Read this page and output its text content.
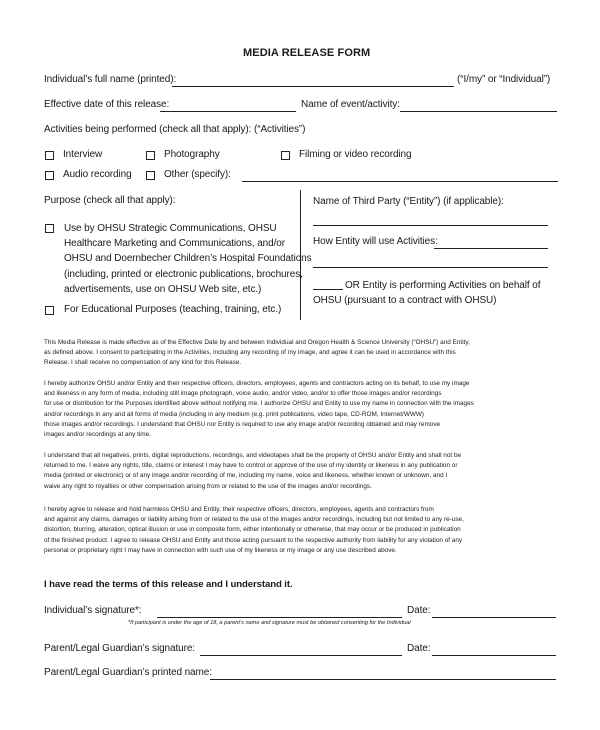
MEDIA RELEASE FORM
Individual’s full name (printed):	(“I/my” or “Individual”)
Effective date of this release:	Name of event/activity:
Activities being performed (check all that apply): (“Activities”)
Interview	Photography	Filming or video recording
Audio recording	Other (specify):
Purpose (check all that apply):
Use by OHSU Strategic Communications, OHSU
Healthcare Marketing and Communications, and/or
OHSU and Doernbecher Children’s Hospital Foundations
(including, printed or electronic publications, brochures,
advertisements, use on OHSU Web site, etc.)
For Educational Purposes (teaching, training, etc.)
Name of Third Party (“Entity”) (if applicable):
How Entity will use Activities:
OR Entity is performing Activities on behalf of
OHSU (pursuant to a contract with OHSU)
This Media Release is made effective as of the Effective Date by and between Individual and Oregon Health & Science University (“OHSU”) and Entity,
as defined above. I consent to participating in the Activities, including any recording of my image, and agree it can be used in accordance with this
Release. I shall receive no compensation of any kind for this Release.
I hereby authorize OHSU and/or Entity and their respective officers, directors, employees, agents and contractors acting on its behalf, to use my image
and likeness in any form of media, including still image photograph, voice audio, and/or video, and/or to offer those images and/or recordings
for use or distribution for the Purposes identified above without notifying me. I authorize OHSU and Entity to use my name in connection with the images
and/or recordings in any and all forms of media (including in any medium (e.g. print publications, video tape, CD-ROM, Internet/WWW)
those images and/or recordings. I understand that OHSU nor Entity is required to use any image and/or recording obtained and may remove
images and/or recordings at any time.
I understand that all negatives, prints, digital reproductions, recordings, and videotapes shall be the property of OHSU and/or Entity and shall not be
returned to me. I waive any rights, title, claims or interest I may have to control or approve of the use of my identity or likeness in any publication or
media (printed or electronic) or of any image and/or recording of me, including my name, voice and likeness, whether known or unknown, and I
waive any right to royalties or other compensation arising from or related to the use of the images and/or recordings.
I hereby agree to release and hold harmless OHSU and Entity, their respective officers, directors, employees, agents and contractors from
and against any claims, damages or liability arising from or related to the use of the images and/or recordings, including but not limited to any re-use,
distortion, blurring, alteration, optical illusion or use in composite form, either intentionally or otherwise, that may occur or be produced in publication
of the finished product. I agree to release OHSU and Entity and those acting pursuant to the respective authority from liability for any violation of any
personal or proprietary right I may have in connection with such use of my likeness or my image or any use described above.
I have read the terms of this release and I understand it.
Individual’s signature*:	Date:
*If participant is under the age of 18, a parent’s name and signature must be obtained consenting for the Individual
Parent/Legal Guardian’s signature:	Date:
Parent/Legal Guardian’s printed name:
